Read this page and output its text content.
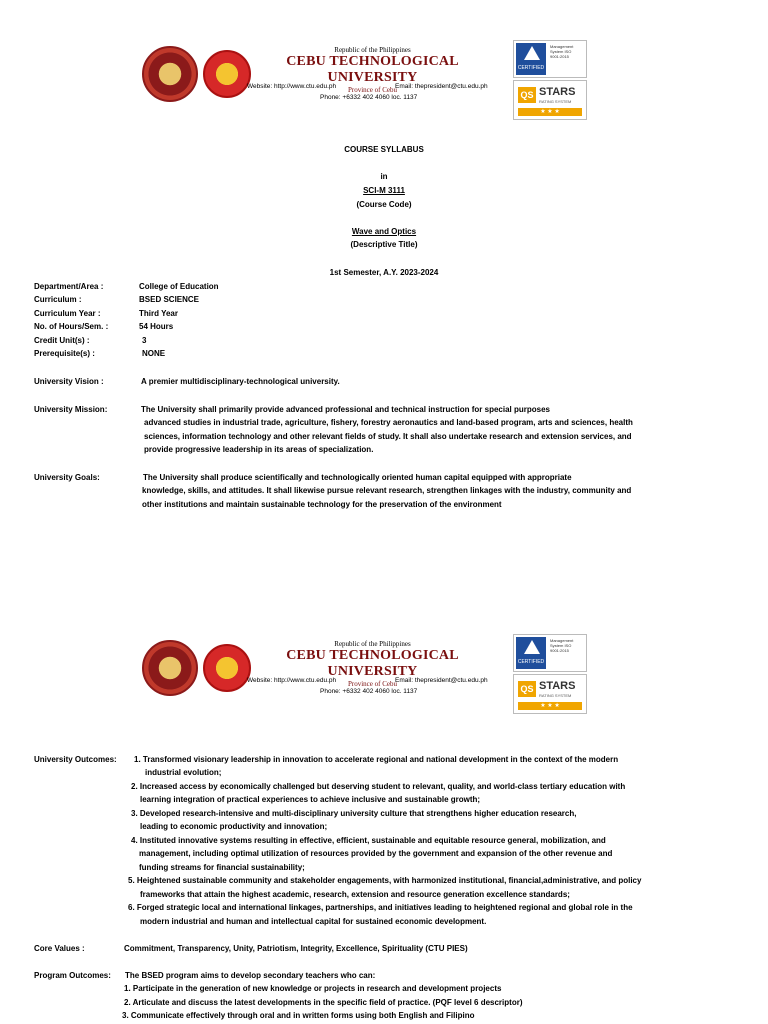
Republic of the Philippines
CEBU TECHNOLOGICAL UNIVERSITY
Province of Cebu
Website: http://www.ctu.edu.ph	Email: thepresident@ctu.edu.ph
Phone: +6332 402 4060 loc. 1137
CERTIFIED
Management System ISO 9001:2015
QS STARS
RATING SYSTEM
★ ★ ★
COURSE SYLLABUS
in
SCI-M 3111
(Course Code)
Wave and Optics
(Descriptive Title)
1st Semester, A.Y. 2023-2024
Department/Area :	College of Education
Curriculum :	BSED SCIENCE
Curriculum Year :	Third Year
No. of Hours/Sem. :	54 Hours
Credit Unit(s) :	3
Prerequisite(s) :	NONE
University Vision :	A premier multidisciplinary-technological university.
University Mission:	The University shall primarily provide advanced professional and technical instruction for special purposes
advanced studies in industrial trade, agriculture, fishery, forestry aeronautics and land-based program, arts and sciences, health
sciences, information technology and other relevant fields of study. It shall also undertake research and extension services, and
provide progressive leadership in its areas of specialization.
University Goals:	The University shall produce scientifically and technologically oriented human capital equipped with appropriate
knowledge, skills, and attitudes. It shall likewise pursue relevant research, strengthen linkages with the industry, community and
other institutions and maintain sustainable technology for the preservation of the environment
Republic of the Philippines
CEBU TECHNOLOGICAL UNIVERSITY
Province of Cebu
Website: http://www.ctu.edu.ph	Email: thepresident@ctu.edu.ph
Phone: +6332 402 4060 loc. 1137
CERTIFIED
Management System ISO 9001:2015
QS STARS
RATING SYSTEM
★ ★ ★
University Outcomes: 1. Transformed visionary leadership in innovation to accelerate regional and national development in the context of the modern
industrial evolution;
2. Increased access by economically challenged but deserving student to relevant, quality, and world-class tertiary education with
learning integration of practical experiences to achieve inclusive and sustainable growth;
3. Developed research-intensive and multi-disciplinary university culture that strengthens higher education research,
leading to economic productivity and innovation;
4. Instituted innovative systems resulting in effective, efficient, sustainable and equitable resource general, mobilization, and
management, including optimal utilization of resources provided by the government and expansion of the other revenue and
funding streams for financial sustainability;
5. Heightened sustainable community and stakeholder engagements, with harmonized institutional, financial,administrative, and policy
frameworks that attain the highest academic, research, extension and resource generation excellence standards;
6. Forged strategic local and international linkages, partnerships, and initiatives leading to heightened regional and global role in the
modern industrial and human and intellectual capital for sustained economic development.
Core Values :	Commitment, Transparency, Unity, Patriotism, Integrity, Excellence, Spirituality (CTU PIES)
Program Outcomes: The BSED program aims to develop secondary teachers who can:
1. Participate in the generation of new knowledge or projects in research and development projects
2. Articulate and discuss the latest developments in the specific field of practice. (PQF level 6 descriptor)
3. Communicate effectively through oral and in written forms using both English and Filipino
